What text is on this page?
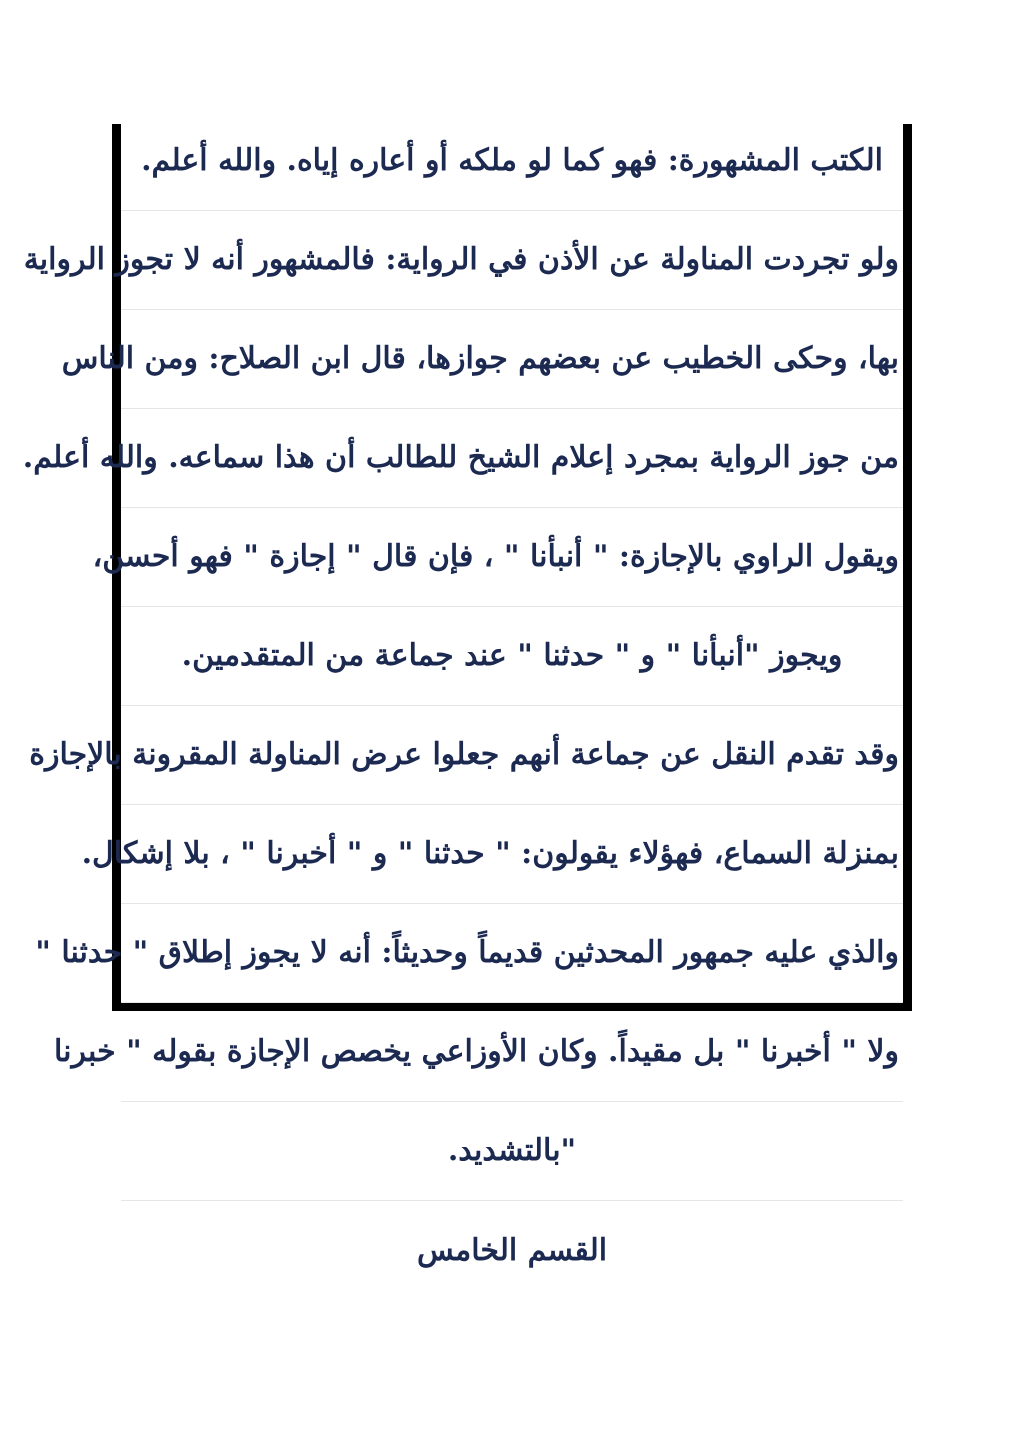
الكتب المشهورة: فهو كما لو ملكه أو أعاره إياه. والله أعلم.
ولو تجردت المناولة عن الأذن في الرواية: فالمشهور أنه لا تجوز الرواية
بها، وحكى الخطيب عن بعضهم جوازها، قال ابن الصلاح: ومن الناس
من جوز الرواية بمجرد إعلام الشيخ للطالب أن هذا سماعه. والله أعلم.
ويقول الراوي بالإجازة: " أنبأنا " ، فإن قال " إجازة " فهو أحسن،
ويجوز "أنبأنا " و " حدثنا " عند جماعة من المتقدمين.
وقد تقدم النقل عن جماعة أنهم جعلوا عرض المناولة المقرونة بالإجازة
بمنزلة السماع، فهؤلاء يقولون: " حدثنا " و " أخبرنا " ، بلا إشكال.
والذي عليه جمهور المحدثين قديماً وحديثاً: أنه لا يجوز إطلاق " حدثنا "
ولا " أخبرنا " بل مقيداً. وكان الأوزاعي يخصص الإجازة بقوله " خبرنا
"بالتشديد.
القسم الخامس
١٥/١٤٦
